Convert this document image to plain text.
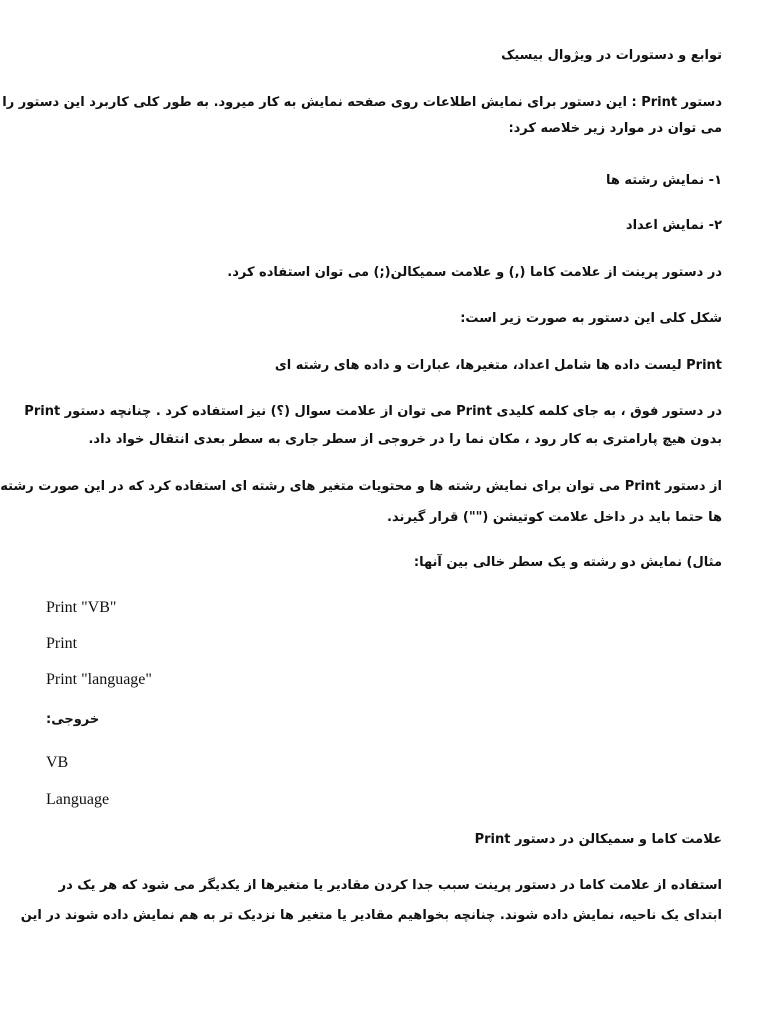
توابع و دستورات در ویژوال بیسیک
دستور Print : این دستور برای نمایش اطلاعات روی صفحه نمایش به کار میرود. به طور کلی کاربرد این دستور را
می توان در موارد زیر خلاصه کرد:
۱- نمایش رشته ها
۲- نمایش اعداد
در دستور پرینت از علامت کاما (,) و علامت سمیکالن(;) می توان استفاده کرد.
شکل کلی این دستور به صورت زیر است:
Print لیست داده ها شامل اعداد، متغیرها، عبارات و داده های رشته ای
در دستور فوق ، به جای کلمه کلیدی Print می توان از علامت سوال (؟) نیز استفاده کرد . چنانچه دستور Print
بدون هیچ پارامتری به کار رود ، مکان نما را در خروجی از سطر جاری به سطر بعدی انتقال خواد داد.
از دستور Print می توان برای نمایش رشته ها و محتویات متغیر های رشته ای استفاده کرد که در این صورت رشته
ها حتما باید در داخل علامت کوتیشن ("") قرار گیرند.
مثال) نمایش دو رشته و یک سطر خالی بین آنها:
Print "VB"
Print
Print "language"
:خروجی
VB
Language
علامت کاما و سمیکالن در دستور Print
استفاده از علامت کاما در دستور پرینت سبب جدا کردن مقادیر یا متغیرها از یکدیگر می شود که هر یک در
ابتدای یک ناحیه، نمایش داده شوند. چنانچه بخواهیم مقادیر یا متغیر ها نزدیک تر به هم نمایش داده شوند در این
